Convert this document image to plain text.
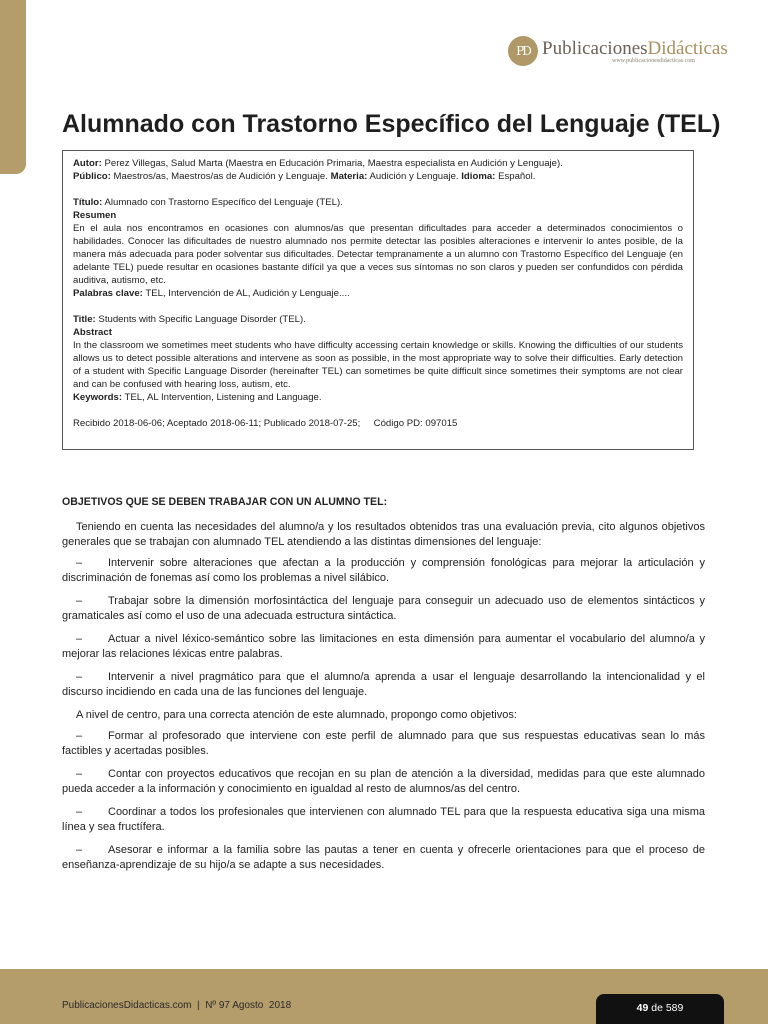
PD PublicacionesDidácticas
www.publicacionesdidacticas.com
Alumnado con Trastorno Específico del Lenguaje (TEL)

Autor: Perez Villegas, Salud Marta (Maestra en Educación Primaria, Maestra especialista en Audición y Lenguaje).

Público: Maestros/as, Maestros/as de Audición y Lenguaje. Materia: Audición y Lenguaje. Idioma: Español.

Título: Alumnado con Trastorno Específico del Lenguaje (TEL).

Resumen

En el aula nos encontramos en ocasiones con alumnos/as que presentan dificultades para acceder a determinados conocimientos o habilidades. Conocer las dificultades de nuestro alumnado nos permite detectar las posibles alteraciones e intervenir lo antes posible, de la manera más adecuada para poder solventar sus dificultades. Detectar tempranamente a un alumno con Trastorno Específico del Lenguaje (en adelante TEL) puede resultar en ocasiones bastante difícil ya que a veces sus síntomas no son claros y pueden ser confundidos con pérdida auditiva, autismo, etc.

Palabras clave: TEL, Intervención de AL, Audición y Lenguaje....

Title: Students with Specific Language Disorder (TEL).

Abstract

In the classroom we sometimes meet students who have difficulty accessing certain knowledge or skills. Knowing the difficulties of our students allows us to detect possible alterations and intervene as soon as possible, in the most appropriate way to solve their difficulties. Early detection of a student with Specific Language Disorder (hereinafter TEL) can sometimes be quite difficult since sometimes their symptoms are not clear and can be confused with hearing loss, autism, etc.

Keywords: TEL, AL Intervention, Listening and Language.

Recibido 2018-06-06; Aceptado 2018-06-11; Publicado 2018-07-25;     Código PD: 097015

OBJETIVOS QUE SE DEBEN TRABAJAR CON UN ALUMNO TEL:

Teniendo en cuenta las necesidades del alumno/a y los resultados obtenidos tras una evaluación previa, cito algunos objetivos generales que se trabajan con alumnado TEL atendiendo a las distintas dimensiones del lenguaje:

– Intervenir sobre alteraciones que afectan a la producción y comprensión fonológicas para mejorar la articulación y discriminación de fonemas así como los problemas a nivel silábico.

– Trabajar sobre la dimensión morfosintáctica del lenguaje para conseguir un adecuado uso de elementos sintácticos y gramaticales así como el uso de una adecuada estructura sintáctica.

– Actuar a nivel léxico-semántico sobre las limitaciones en esta dimensión para aumentar el vocabulario del alumno/a y mejorar las relaciones léxicas entre palabras.

– Intervenir a nivel pragmático para que el alumno/a aprenda a usar el lenguaje desarrollando la intencionalidad y el discurso incidiendo en cada una de las funciones del lenguaje.

A nivel de centro, para una correcta atención de este alumnado, propongo como objetivos:

– Formar al profesorado que interviene con este perfil de alumnado para que sus respuestas educativas sean lo más factibles y acertadas posibles.

– Contar con proyectos educativos que recojan en su plan de atención a la diversidad, medidas para que este alumnado pueda acceder a la información y conocimiento en igualdad al resto de alumnos/as del centro.

– Coordinar a todos los profesionales que intervienen con alumnado TEL para que la respuesta educativa siga una misma línea y sea fructífera.

– Asesorar e informar a la familia sobre las pautas a tener en cuenta y ofrecerle orientaciones para que el proceso de enseñanza-aprendizaje de su hijo/a se adapte a sus necesidades.

PublicacionesDidacticas.com  |  Nº 97 Agosto  2018	49 de 589
